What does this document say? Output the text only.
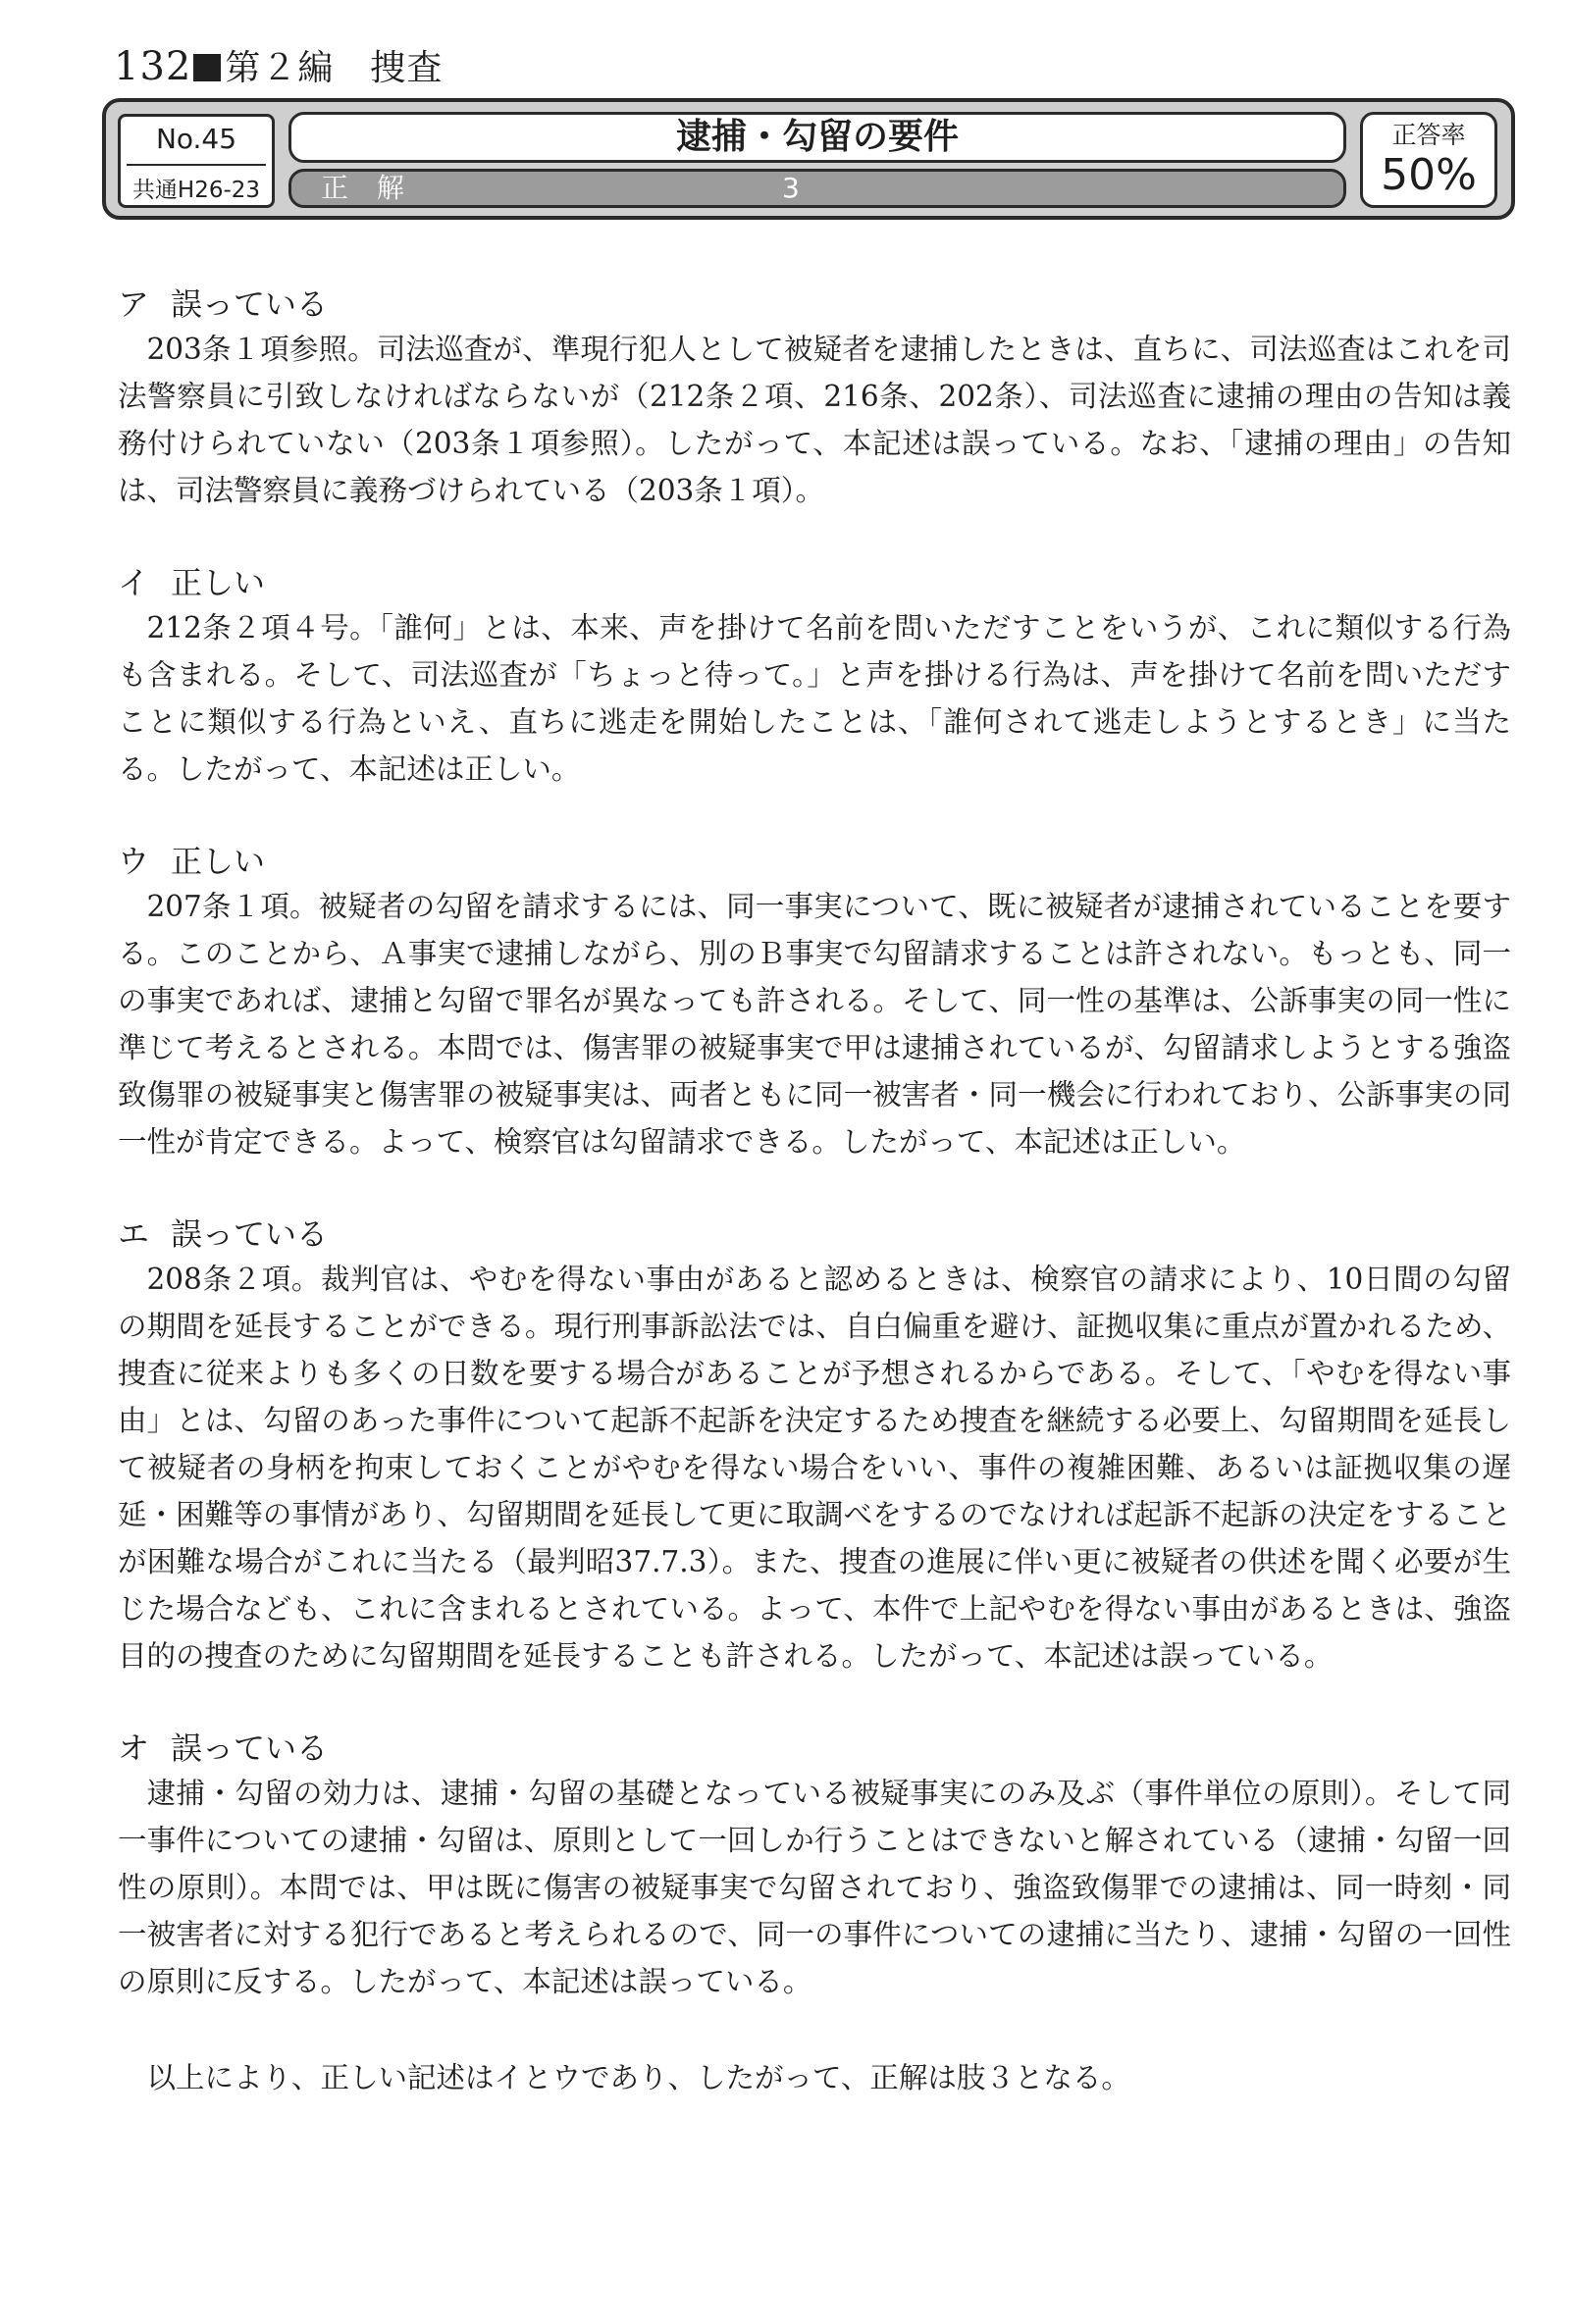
132 第２編　捜査
No.45
共通H26-23
逮捕・勾留の要件
正 解	3
正答率
50%
ア 誤っている

203条１項参照。司法巡査が、準現行犯人として被疑者を逮捕したときは、直ちに、司法巡査はこれを司法警察員に引致しなければならないが（212条２項、216条、202条）、司法巡査に逮捕の理由の告知は義務付けられていない（203条１項参照）。したがって、本記述は誤っている。なお、「逮捕の理由」の告知は、司法警察員に義務づけられている（203条１項）。

イ 正しい

212条２項４号。「誰何」とは、本来、声を掛けて名前を問いただすことをいうが、これに類似する行為も含まれる。そして、司法巡査が「ちょっと待って。」と声を掛ける行為は、声を掛けて名前を問いただすことに類似する行為といえ、直ちに逃走を開始したことは、「誰何されて逃走しようとするとき」に当たる。したがって、本記述は正しい。

ウ 正しい

207条１項。被疑者の勾留を請求するには、同一事実について、既に被疑者が逮捕されていることを要する。このことから、Ａ事実で逮捕しながら、別のＢ事実で勾留請求することは許されない。もっとも、同一の事実であれば、逮捕と勾留で罪名が異なっても許される。そして、同一性の基準は、公訴事実の同一性に準じて考えるとされる。本問では、傷害罪の被疑事実で甲は逮捕されているが、勾留請求しようとする強盗致傷罪の被疑事実と傷害罪の被疑事実は、両者ともに同一被害者・同一機会に行われており、公訴事実の同一性が肯定できる。よって、検察官は勾留請求できる。したがって、本記述は正しい。

エ 誤っている

208条２項。裁判官は、やむを得ない事由があると認めるときは、検察官の請求により、10日間の勾留の期間を延長することができる。現行刑事訴訟法では、自白偏重を避け、証拠収集に重点が置かれるため、捜査に従来よりも多くの日数を要する場合があることが予想されるからである。そして、「やむを得ない事由」とは、勾留のあった事件について起訴不起訴を決定するため捜査を継続する必要上、勾留期間を延長して被疑者の身柄を拘束しておくことがやむを得ない場合をいい、事件の複雑困難、あるいは証拠収集の遅延・困難等の事情があり、勾留期間を延長して更に取調べをするのでなければ起訴不起訴の決定をすることが困難な場合がこれに当たる（最判昭37.7.3）。また、捜査の進展に伴い更に被疑者の供述を聞く必要が生じた場合なども、これに含まれるとされている。よって、本件で上記やむを得ない事由があるときは、強盗目的の捜査のために勾留期間を延長することも許される。したがって、本記述は誤っている。

オ 誤っている

逮捕・勾留の効力は、逮捕・勾留の基礎となっている被疑事実にのみ及ぶ（事件単位の原則）。そして同一事件についての逮捕・勾留は、原則として一回しか行うことはできないと解されている（逮捕・勾留一回性の原則）。本問では、甲は既に傷害の被疑事実で勾留されており、強盗致傷罪での逮捕は、同一時刻・同一被害者に対する犯行であると考えられるので、同一の事件についての逮捕に当たり、逮捕・勾留の一回性の原則に反する。したがって、本記述は誤っている。

以上により、正しい記述はイとウであり、したがって、正解は肢３となる。
